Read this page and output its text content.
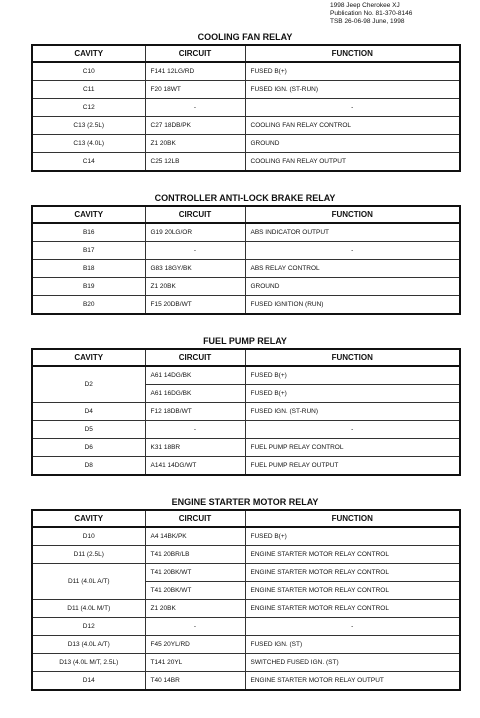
1998 Jeep Cherokee XJ
Publication No. 81-370-8146
TSB 26-06-98 June, 1998
COOLING FAN RELAY
CAVITY	CIRCUIT	FUNCTION
C10	F141 12LG/RD	FUSED B(+)
C11	F20 18WT	FUSED IGN. (ST-RUN)
C12	-	-
C13 (2.5L)	C27 18DB/PK	COOLING FAN RELAY CONTROL
C13 (4.0L)	Z1 20BK	GROUND
C14	C25 12LB	COOLING FAN RELAY OUTPUT
CONTROLLER ANTI-LOCK BRAKE RELAY
CAVITY	CIRCUIT	FUNCTION
B16	G19 20LG/OR	ABS INDICATOR OUTPUT
B17	-	-
B18	G83 18GY/BK	ABS RELAY CONTROL
B19	Z1 20BK	GROUND
B20	F15 20DB/WT	FUSED IGNITION (RUN)
FUEL PUMP RELAY
CAVITY	CIRCUIT	FUNCTION
D2	A61 14DG/BK	FUSED B(+)
	A61 16DG/BK	FUSED B(+)
D4	F12 18DB/WT	FUSED IGN. (ST-RUN)
D5	-	-
D6	K31 18BR	FUEL PUMP RELAY CONTROL
D8	A141 14DG/WT	FUEL PUMP RELAY OUTPUT
ENGINE STARTER MOTOR RELAY
CAVITY	CIRCUIT	FUNCTION
D10	A4 14BK/PK	FUSED B(+)
D11 (2.5L)	T41 20BR/LB	ENGINE STARTER MOTOR RELAY CONTROL
D11 (4.0L A/T)	T41 20BK/WT	ENGINE STARTER MOTOR RELAY CONTROL
	T41 20BK/WT	ENGINE STARTER MOTOR RELAY CONTROL
D11 (4.0L M/T)	Z1 20BK	ENGINE STARTER MOTOR RELAY CONTROL
D12	-	-
D13 (4.0L A/T)	F45 20YL/RD	FUSED IGN. (ST)
D13 (4.0L M/T, 2.5L)	T141 20YL	SWITCHED FUSED IGN. (ST)
D14	T40 14BR	ENGINE STARTER MOTOR RELAY OUTPUT
